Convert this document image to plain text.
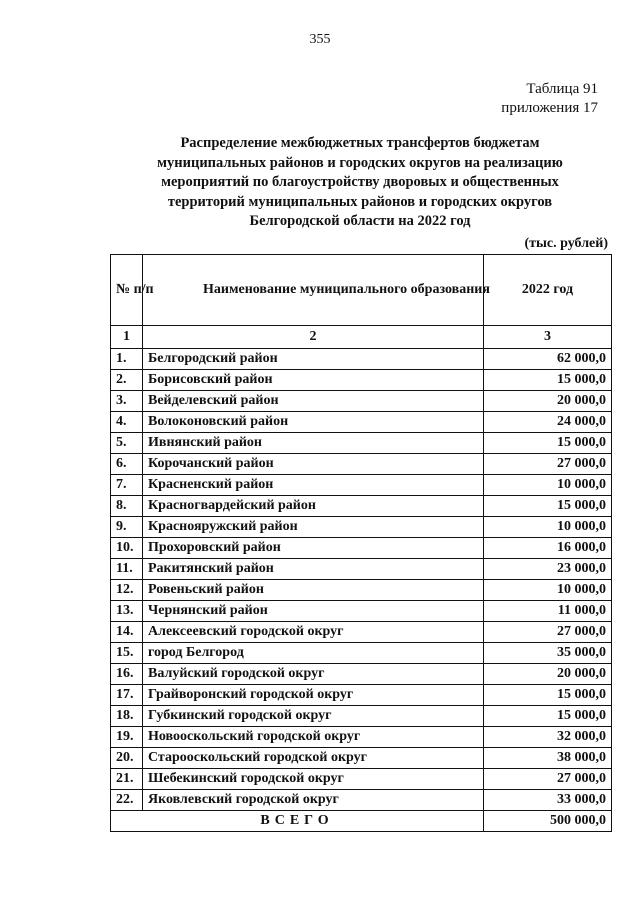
355
Таблица 91
приложения 17
Распределение межбюджетных трансфертов бюджетам
муниципальных районов и городских округов на реализацию
мероприятий по благоустройству дворовых и общественных
территорий муниципальных районов и городских округов
Белгородской области на 2022 год
(тыс. рублей)
№ п/п	Наименование муниципального образования	2022 год
1	2	3
1.	Белгородский район	62 000,0
2.	Борисовский район	15 000,0
3.	Вейделевский район	20 000,0
4.	Волоконовский район	24 000,0
5.	Ивнянский район	15 000,0
6.	Корочанский район	27 000,0
7.	Красненский район	10 000,0
8.	Красногвардейский район	15 000,0
9.	Краснояружский район	10 000,0
10.	Прохоровский район	16 000,0
11.	Ракитянский район	23 000,0
12.	Ровеньский район	10 000,0
13.	Чернянский район	11 000,0
14.	Алексеевский городской округ	27 000,0
15.	город Белгород	35 000,0
16.	Валуйский городской округ	20 000,0
17.	Грайворонский городской округ	15 000,0
18.	Губкинский городской округ	15 000,0
19.	Новооскольский городской округ	32 000,0
20.	Старооскольский городской округ	38 000,0
21.	Шебекинский городской округ	27 000,0
22.	Яковлевский городской округ	33 000,0
ВСЕГО		500 000,0
